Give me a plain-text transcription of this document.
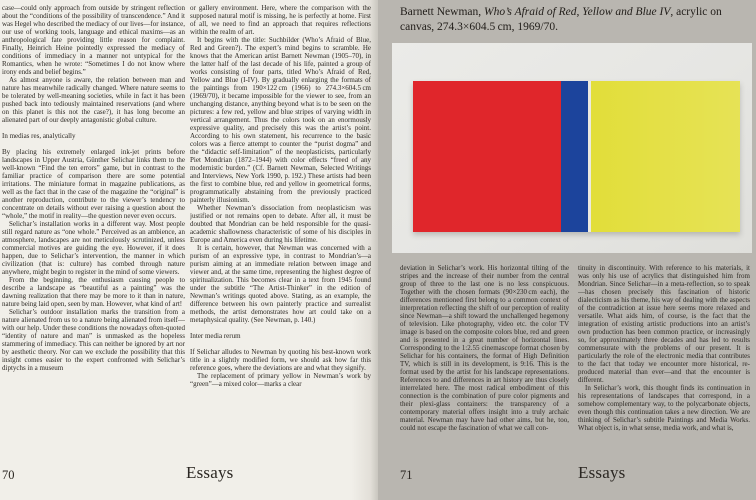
case—could only approach from outside by stringent reflection about the “conditions of the possibility of transcendence.” And it was Hegel who described the mediacy of our lives—for instance, our use of working tools, language and ethical maxims—as an anthropological fate providing little reason for complaint. Finally, Heinrich Heine pointedly expressed the mediacy of conditions of immediacy in a manner not untypical for the Romantics, when he wrote: “Sometimes I do not know where irony ends and belief begins.”

As almost anyone is aware, the relation between man and nature has meanwhile radically changed. Where nature seems to be tolerated by well-meaning societies, while in fact it has been pushed back into tediously maintained reservations (and where on this planet is this not the case?), it has long become an alienated part of our deeply antagonistic global culture.

In medias res, analytically

By placing his extremely enlarged ink-jet prints before landscapes in Upper Austria, Günther Selichar links them to the well-known “Find the ten errors” game, but in contrast to the familiar practice of comparison there are some potential irritations. The miniature format in magazine publications, as well as the fact that in the case of the magazine the “original” is another reproduction, contribute to the viewer’s tendency to concentrate on details without ever raising a question about the “whole,” the motif in reality—the question never even occurs.

Selichar’s installation works in a different way. Most people still regard nature as “one whole.” Perceived as an ambience, an atmosphere, landscapes are not meticulously scrutinized, unless commercial motives are guiding the eye. However, if it does happen, due to Selichar’s intervention, the manner in which civilization (that is: culture) has combed through nature anywhere, might begin to register in the mind of some viewers.

From the beginning, the enthusiasm causing people to describe a landscape as “beautiful as a painting” was the dawning realization that there may be more to it than in nature, nature being laid open, seen by man. However, what kind of art!

Selichar’s outdoor installation marks the transition from a nature alienated from us to a nature being alienated from itself—with our help. Under these conditions the nowadays often-quoted “identity of nature and man” is unmasked as the hopeless stammering of immediacy. This can neither be ignored by art nor by aesthetic theory. Nor can we exclude the possibility that this insight comes easier to the expert confronted with Selichar’s diptychs in a museum

or gallery environment. Here, where the comparison with the supposed natural motif is missing, he is perfectly at home. First of all, we need to find an approach that requires reflections within the realm of art.

It begins with the title: Suchbilder (Who’s Afraid of Blue, Red and Green?). The expert’s mind begins to scramble. He knows that the American artist Barnett Newman (1905–70), in the latter half of the last decade of his life, painted a group of works consisting of four parts, titled Who’s Afraid of Red, Yellow and Blue (I-IV). By gradually enlarging the formats of the paintings from 190×122 cm (1966) to 274.3×604.5 cm (1969/70), it became impossible for the viewer to see, from an unchanging distance, anything beyond what is to be seen on the pictures: a few red, yellow and blue stripes of varying width in vertical arrangement. Thus the colors took on an enormously expressive quality, and precisely this was the artist’s point. According to his own statement, his recurrence to the basic colors was a fierce attempt to counter the “purist dogma” and the “didactic self-limitation” of the neoplasticists, particularly Piet Mondrian (1872–1944) with color effects “freed of any modernistic burden.” (Cf. Barnett Newman, Selected Writings and Interviews, New York 1990, p. 192.) These artists had been the first to combine blue, red and yellow in geometrical forms, programmatically abstaining from the previously practiced painterly illusionism.

Whether Newman’s dissociation from neoplasticism was justified or not remains open to debate. After all, it must be doubted that Mondrian can be held responsible for the quasi-academic shallowness characteristic of some of his disciples in Europe and America even during his lifetime.

It is certain, however, that Newman was concerned with a purism of an expressive type, in contrast to Mondrian’s—a purism aiming at an immediate relation between image and viewer and, at the same time, representing the highest degree of spiritualization. This becomes clear in a text from 1945 found under the subtitle “The Artist-Thinker” in the edition of Newman’s writings quoted above. Stating, as an example, the difference between his own painterly practice and surrealist methods, the artist demonstrates how art could take on a metaphysical quality. (See Newman, p. 140.)

Inter media rerum

If Selichar alludes to Newman by quoting his best-known work title in a slightly modified form, we should ask how far this reference goes, where the deviations are and what they signify.

The replacement of primary yellow in Newman’s work by “green”—a mixed color—marks a clear

70	Essays

Barnett Newman, Who’s Afraid of Red, Yellow and Blue IV, acrylic on canvas, 274.3×604.5 cm, 1969/70.

deviation in Selichar’s work. His horizontal tilting of the stripes and the increase of their number from the central group of three to the last one is no less conspicuous. Together with the chosen formats (90×230 cm each), the differences mentioned first belong to a common context of interpretation reflecting the shift of our perception of reality since Newman—a shift toward the unchallenged hegemony of television. Like photography, video etc. the color TV image is based on the composite colors blue, red and green and is presented in a great number of horizontal lines. Corresponding to the 1:2.55 cinemascope format chosen by Selichar for his containers, the format of High Definition TV, which is still in its development, is 9:16. This is the format used by the artist for his landscape representations. References to and differences in art history are thus closely interrelated here. The most radical embodiment of this connection is the combination of pure color pigments and their plexi-glass containers: the transparency of a contemporary material offers insight into a truly archaic material. Newman may have had other aims, but he, too, could not escape the fascination of what we call con-

tinuity in discontinuity. With reference to his materials, it was only his use of acrylics that distinguished him from Mondrian. Since Selichar—in a meta-reflection, so to speak—has chosen precisely this fascination of historic dialecticism as his theme, his way of dealing with the aspects of the contradiction at issue here seems more relaxed and versatile. What aids him, of course, is the fact that the integration of existing artistic productions into an artist’s own production has been common practice, or increasingly so, for approximately three decades and has led to results commensurate with the problems of our present. It is particularly the role of the electronic media that contributes to the fact that today we encounter more historical, re-produced material than ever—and that the encounter is different.

In Selichar’s work, this thought finds its continuation in his representations of landscapes that correspond, in a somehow complementary way, to the polycarbonate objects, even though this continuation takes a new direction. We are thinking of Selichar’s subtitle Paintings and Media Works. What object is, in what sense, media work, and what is,

71	Essays
